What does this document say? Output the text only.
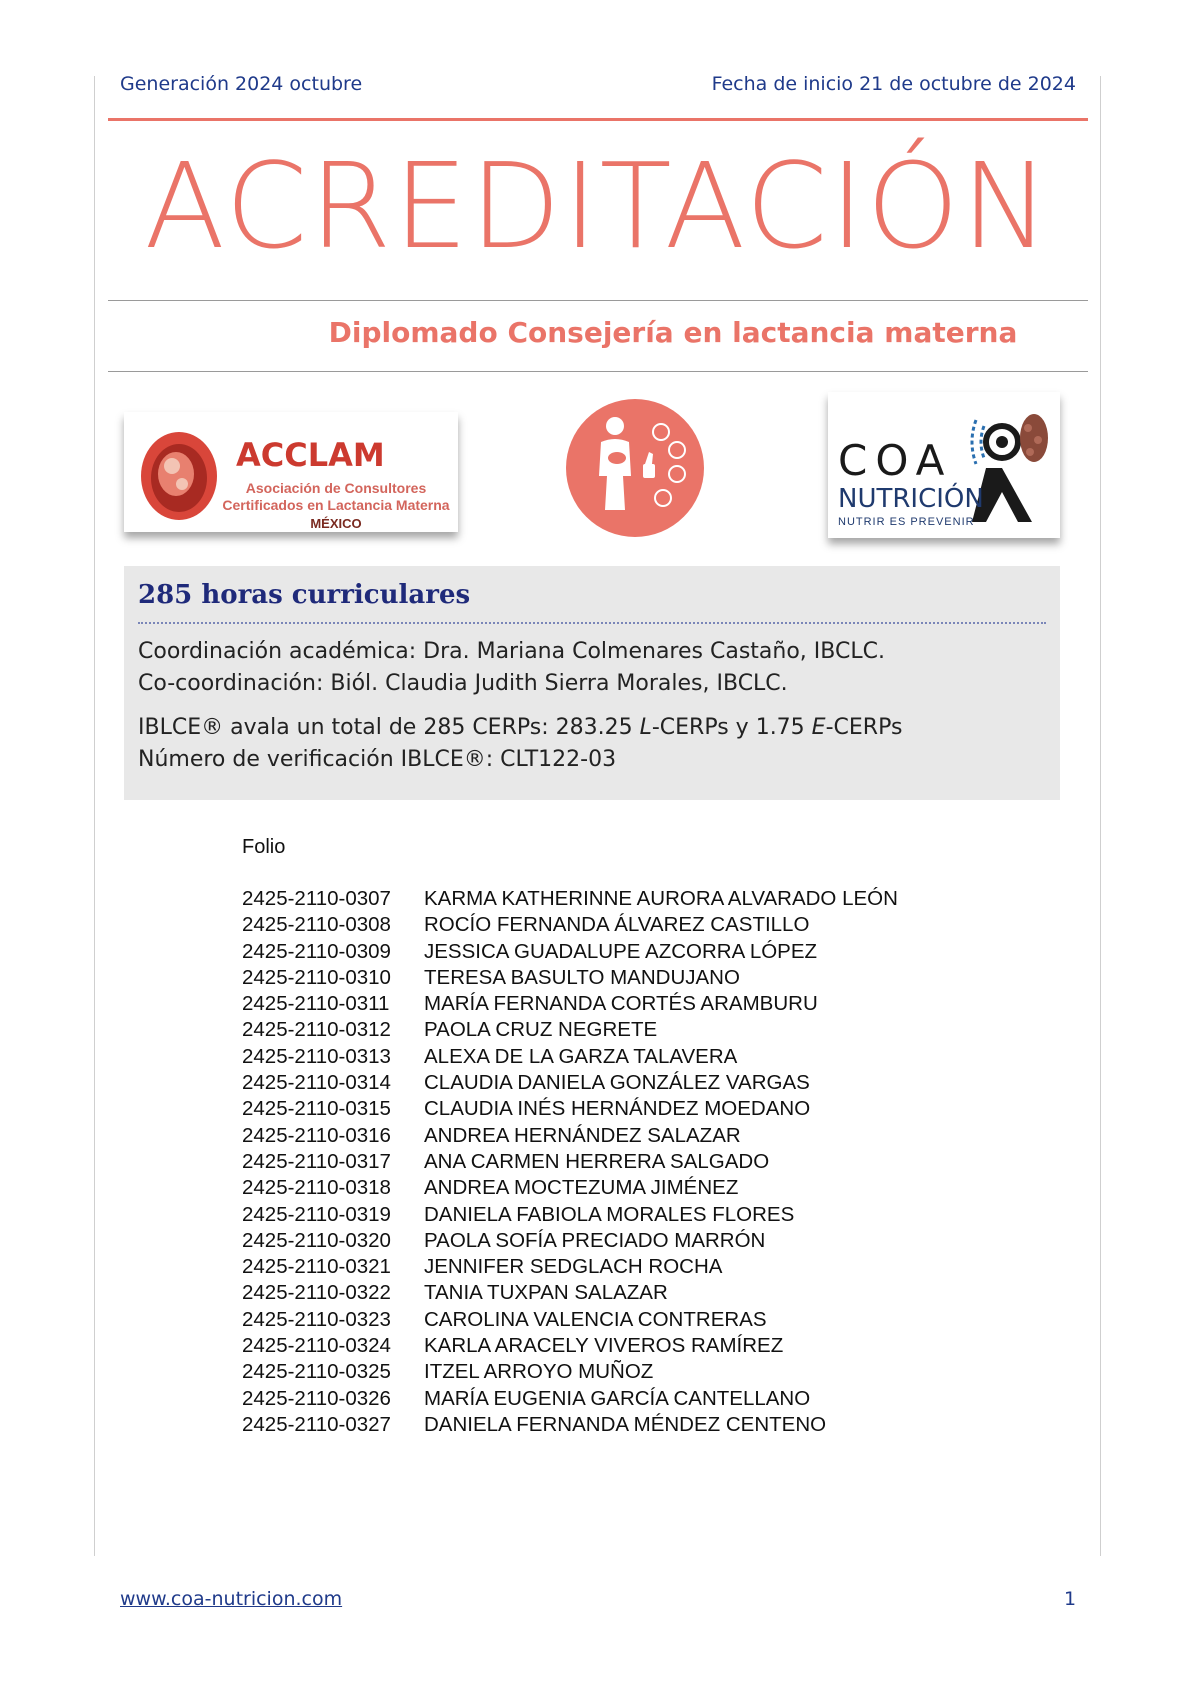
Generación 2024 octubre	Fecha de inicio 21 de octubre de 2024
ACREDITACIÓN
Diplomado Consejería en lactancia materna
ACCLAM
Asociación de Consultores
Certificados en Lactancia Materna
MÉXICO
COA
NUTRICIÓN
NUTRIR ES PREVENIR
285 horas curriculares
Coordinación académica: Dra. Mariana Colmenares Castaño, IBCLC.
Co-coordinación: Biól. Claudia Judith Sierra Morales, IBCLC.
IBLCE® avala un total de 285 CERPs: 283.25 L-CERPs y 1.75 E-CERPs
Número de verificación IBLCE®: CLT122-03
Folio
2425-2110-0307	KARMA KATHERINNE AURORA ALVARADO LEÓN
2425-2110-0308	ROCÍO FERNANDA ÁLVAREZ CASTILLO
2425-2110-0309	JESSICA GUADALUPE AZCORRA LÓPEZ
2425-2110-0310	TERESA BASULTO MANDUJANO
2425-2110-0311	MARÍA FERNANDA CORTÉS ARAMBURU
2425-2110-0312	PAOLA CRUZ NEGRETE
2425-2110-0313	ALEXA DE LA GARZA TALAVERA
2425-2110-0314	CLAUDIA DANIELA GONZÁLEZ VARGAS
2425-2110-0315	CLAUDIA INÉS HERNÁNDEZ MOEDANO
2425-2110-0316	ANDREA HERNÁNDEZ SALAZAR
2425-2110-0317	ANA CARMEN HERRERA SALGADO
2425-2110-0318	ANDREA MOCTEZUMA JIMÉNEZ
2425-2110-0319	DANIELA FABIOLA MORALES FLORES
2425-2110-0320	PAOLA SOFÍA PRECIADO MARRÓN
2425-2110-0321	JENNIFER SEDGLACH ROCHA
2425-2110-0322	TANIA TUXPAN SALAZAR
2425-2110-0323	CAROLINA VALENCIA CONTRERAS
2425-2110-0324	KARLA ARACELY VIVEROS RAMÍREZ
2425-2110-0325	ITZEL ARROYO MUÑOZ
2425-2110-0326	MARÍA EUGENIA GARCÍA CANTELLANO
2425-2110-0327	DANIELA FERNANDA MÉNDEZ CENTENO
www.coa-nutricion.com	1
